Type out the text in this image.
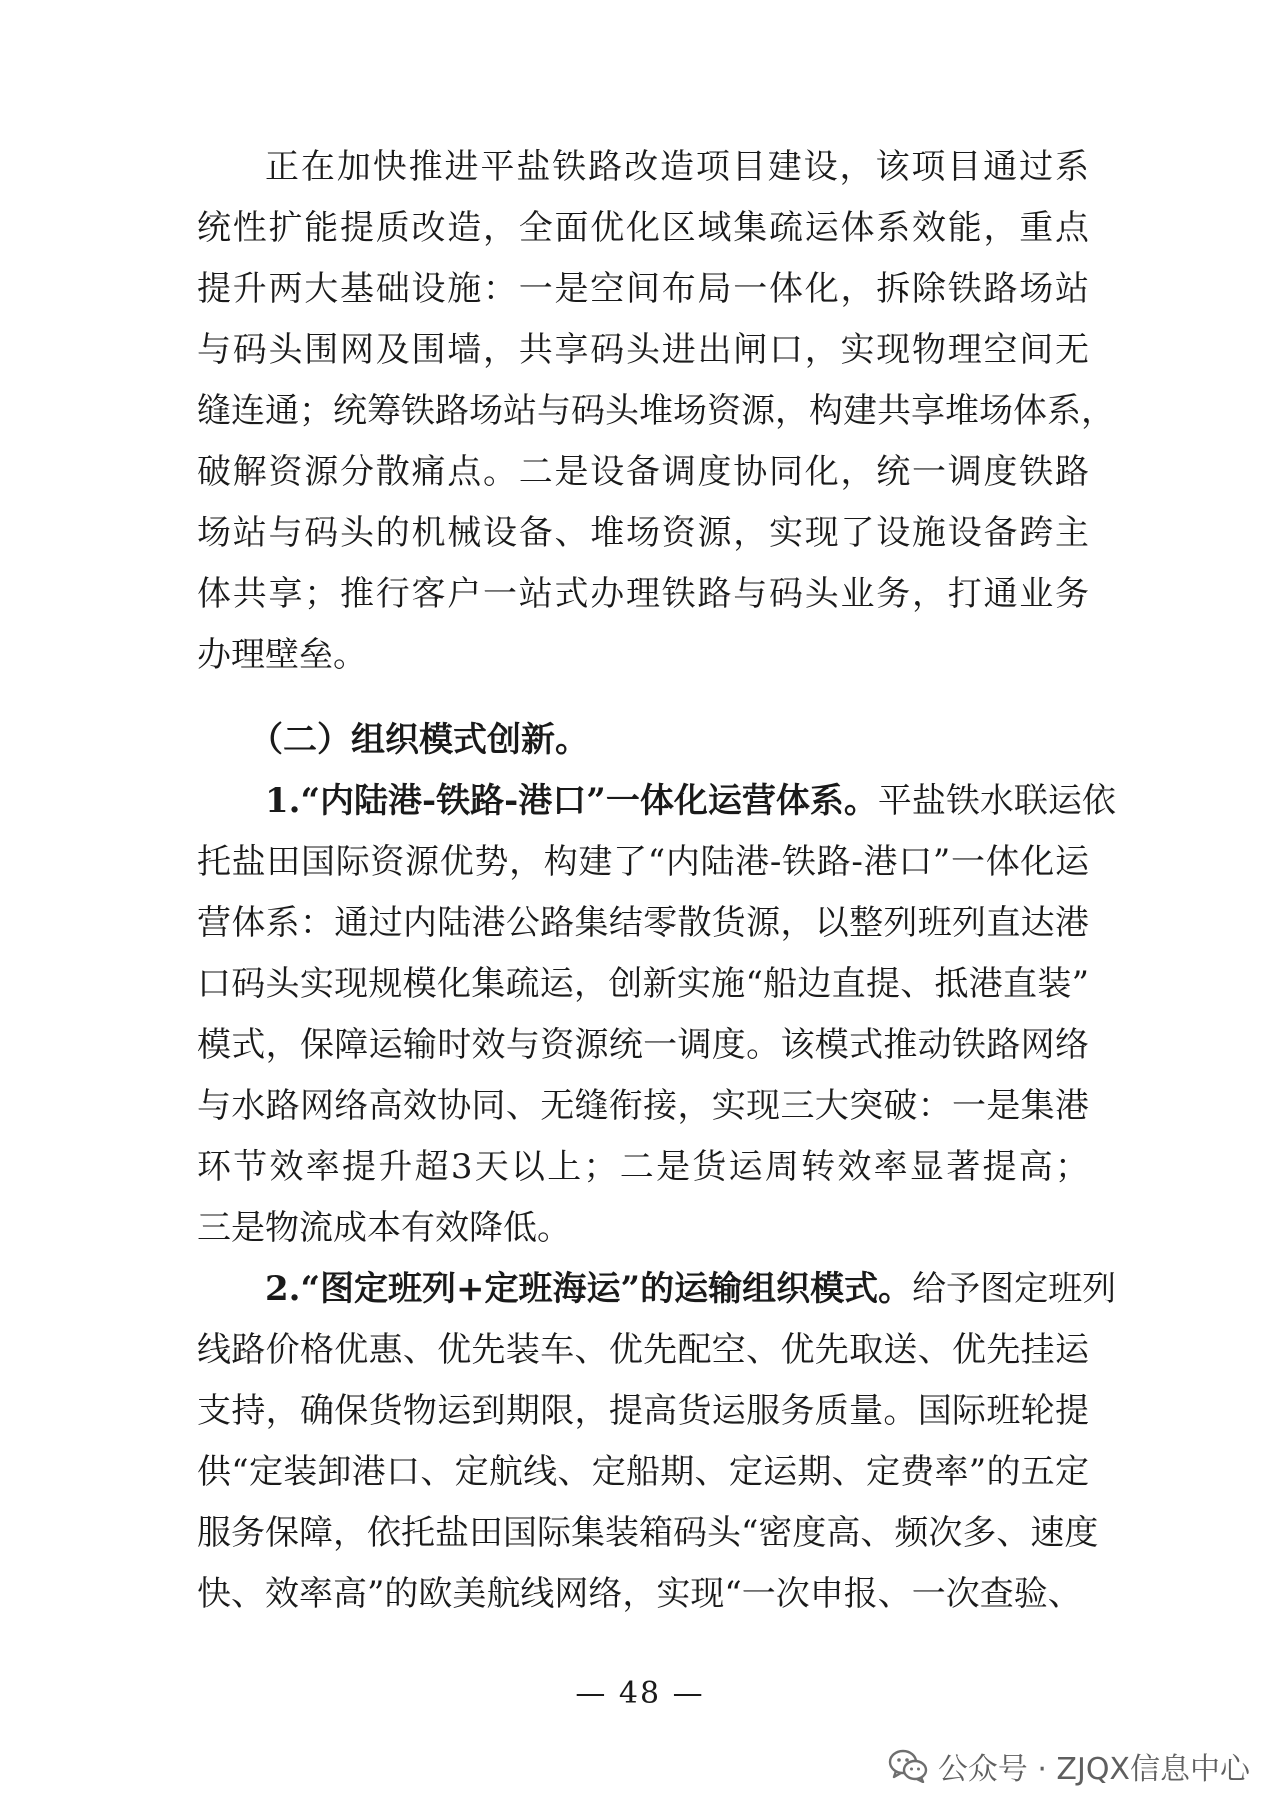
正在加快推进平盐铁路改造项目建设，该项目通过系
统性扩能提质改造，全面优化区域集疏运体系效能，重点
提升两大基础设施：一是空间布局一体化，拆除铁路场站
与码头围网及围墙，共享码头进出闸口，实现物理空间无
缝连通；统筹铁路场站与码头堆场资源，构建共享堆场体系，
破解资源分散痛点。二是设备调度协同化，统一调度铁路
场站与码头的机械设备、堆场资源，实现了设施设备跨主
体共享；推行客户一站式办理铁路与码头业务，打通业务
办理壁垒。
（二）组织模式创新。
1.“内陆港-铁路-港口”一体化运营体系。平盐铁水联运依
托盐田国际资源优势，构建了“内陆港-铁路-港口”一体化运
营体系：通过内陆港公路集结零散货源，以整列班列直达港
口码头实现规模化集疏运，创新实施“船边直提、抵港直装”
模式，保障运输时效与资源统一调度。该模式推动铁路网络
与水路网络高效协同、无缝衔接，实现三大突破：一是集港
环节效率提升超3天以上；二是货运周转效率显著提高；
三是物流成本有效降低。
2.“图定班列+定班海运”的运输组织模式。给予图定班列
线路价格优惠、优先装车、优先配空、优先取送、优先挂运
支持，确保货物运到期限，提高货运服务质量。国际班轮提
供“定装卸港口、定航线、定船期、定运期、定费率”的五定
服务保障，依托盐田国际集装箱码头“密度高、频次多、速度
快、效率高”的欧美航线网络，实现“一次申报、一次查验、
— 48 —
公众号 · ZJQX信息中心
